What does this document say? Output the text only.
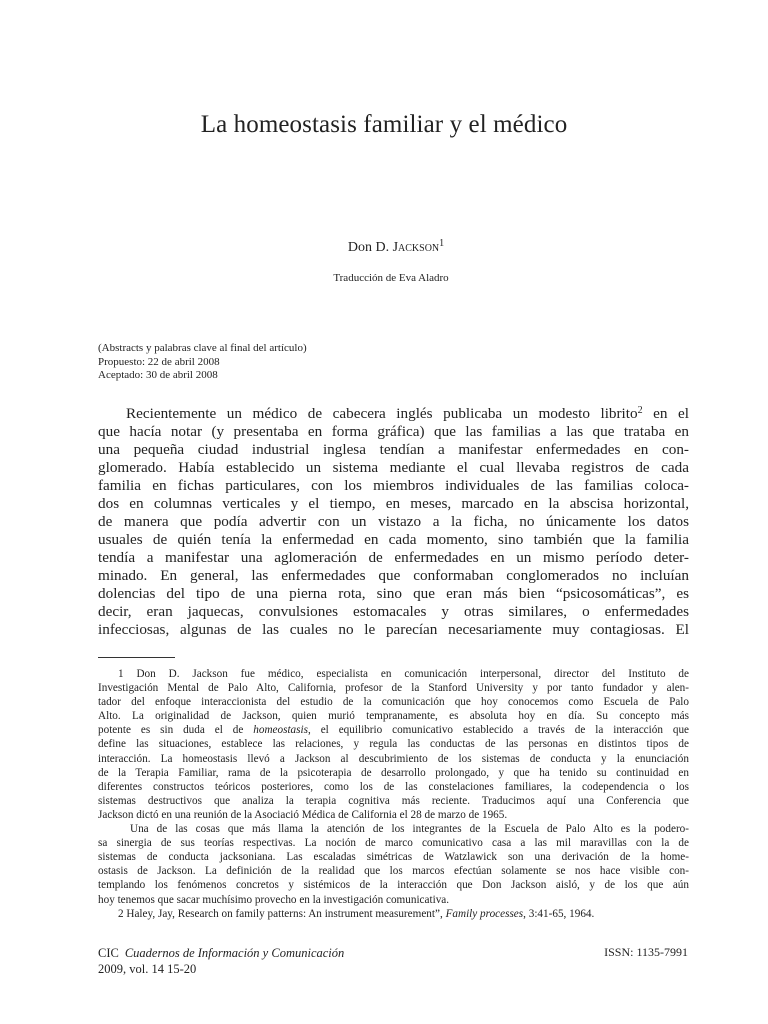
La homeostasis familiar y el médico
Don D. Jackson$^1$
Traducción de Eva Aladro
(Abstracts y palabras clave al final del artículo)
Propuesto: 22 de abril 2008
Aceptado: 30 de abril 2008
Recientemente un médico de cabecera inglés publicaba un modesto librito$^2$ en el
que hacía notar (y presentaba en forma gráfica) que las familias a las que trataba en
una pequeña ciudad industrial inglesa tendían a manifestar enfermedades en con-
glomerado. Había establecido un sistema mediante el cual llevaba registros de cada
familia en fichas particulares, con los miembros individuales de las familias coloca-
dos en columnas verticales y el tiempo, en meses, marcado en la abscisa horizontal,
de manera que podía advertir con un vistazo a la ficha, no únicamente los datos
usuales de quién tenía la enfermedad en cada momento, sino también que la familia
tendía a manifestar una aglomeración de enfermedades en un mismo período deter-
minado. En general, las enfermedades que conformaban conglomerados no incluían
dolencias del tipo de una pierna rota, sino que eran más bien “psicosomáticas”, es
decir, eran jaquecas, convulsiones estomacales y otras similares, o enfermedades
infecciosas, algunas de las cuales no le parecían necesariamente muy contagiosas. El
1 Don D. Jackson fue médico, especialista en comunicación interpersonal, director del Instituto de
Investigación Mental de Palo Alto, California, profesor de la Stanford University y por tanto fundador y alen-
tador del enfoque interaccionista del estudio de la comunicación que hoy conocemos como Escuela de Palo
Alto. La originalidad de Jackson, quien murió tempranamente, es absoluta hoy en día. Su concepto más
potente es sin duda el de homeostasis, el equilibrio comunicativo establecido a través de la interacción que
define las situaciones, establece las relaciones, y regula las conductas de las personas en distintos tipos de
interacción. La homeostasis llevó a Jackson al descubrimiento de los sistemas de conducta y la enunciación
de la Terapia Familiar, rama de la psicoterapia de desarrollo prolongado, y que ha tenido su continuidad en
diferentes constructos teóricos posteriores, como los de las constelaciones familiares, la codependencia o los
sistemas destructivos que analiza la terapia cognitiva más reciente. Traducimos aquí una Conferencia que
Jackson dictó en una reunión de la Asociació Médica de California el 28 de marzo de 1965.
Una de las cosas que más llama la atención de los integrantes de la Escuela de Palo Alto es la podero-
sa sinergia de sus teorías respectivas. La noción de marco comunicativo casa a las mil maravillas con la de
sistemas de conducta jacksoniana. Las escaladas simétricas de Watzlawick son una derivación de la home-
ostasis de Jackson. La definición de la realidad que los marcos efectúan solamente se nos hace visible con-
templando los fenómenos concretos y sistémicos de la interacción que Don Jackson aisló, y de los que aún
hoy tenemos que sacar muchísimo provecho en la investigación comunicativa.
2 Haley, Jay, Research on family patterns: An instrument measurement”, Family processes, 3:41-65, 1964.
CIC Cuadernos de Información y Comunicación
2009, vol. 14 15-20
ISSN: 1135-7991
